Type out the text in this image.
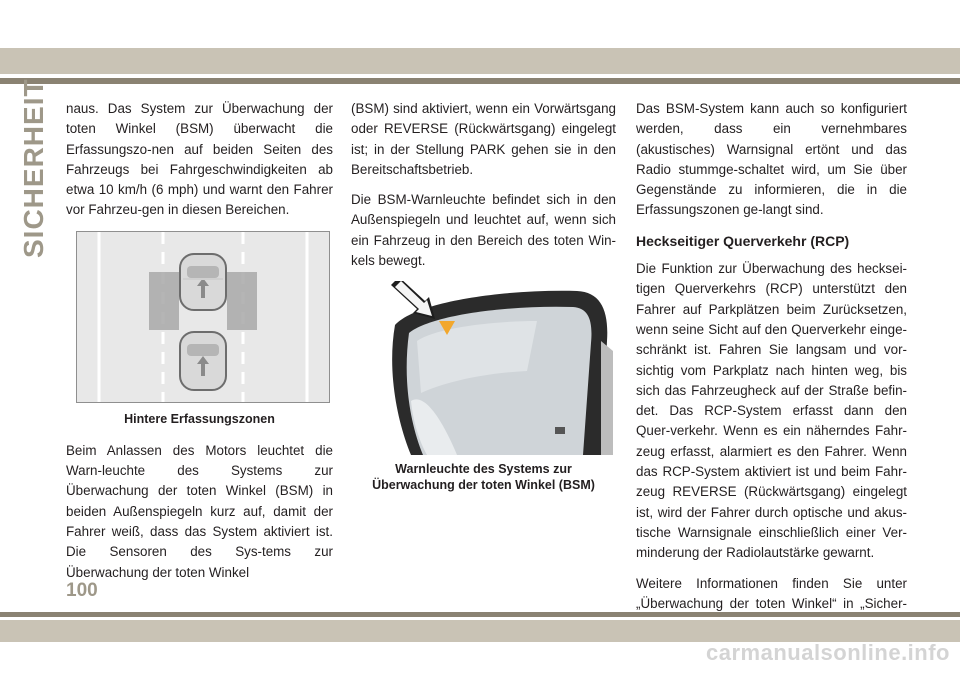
SICHERHEIT naus. Das System zur Überwachung der toten Winkel (BSM) überwacht die Erfassungszo-nen auf beiden Seiten des Fahrzeugs bei Fahrgeschwindigkeiten ab etwa 10 km/h (6 mph) und warnt den Fahrer vor Fahrzeu-gen in diesen Bereichen.

Hintere Erfassungszonen

Beim Anlassen des Motors leuchtet die Warn-leuchte des Systems zur Überwachung der toten Winkel (BSM) in beiden Außenspiegeln kurz auf, damit der Fahrer weiß, dass das System aktiviert ist. Die Sensoren des Sys-tems zur Überwachung der toten Winkel

(BSM) sind aktiviert, wenn ein Vorwärtsgang oder REVERSE (Rückwärtsgang) eingelegt ist; in der Stellung PARK gehen sie in den Bereitschaftsbetrieb.

Die BSM-Warnleuchte befindet sich in den Außenspiegeln und leuchtet auf, wenn sich ein Fahrzeug in den Bereich des toten Win-kels bewegt.

Warnleuchte des Systems zur
Überwachung der toten Winkel (BSM)

Das BSM-System kann auch so konfiguriert werden, dass ein vernehmbares (akustisches) Warnsignal ertönt und das Radio stummge-schaltet wird, um Sie über Gegenstände zu informieren, die in die Erfassungszonen ge-langt sind.

Heckseitiger Querverkehr (RCP)

Die Funktion zur Überwachung des hecksei-tigen Querverkehrs (RCP) unterstützt den Fahrer auf Parkplätzen beim Zurücksetzen, wenn seine Sicht auf den Querverkehr einge-schränkt ist. Fahren Sie langsam und vor-sichtig vom Parkplatz nach hinten weg, bis sich das Fahrzeugheck auf der Straße befin-det. Das RCP-System erfasst dann den Quer-verkehr. Wenn es ein näherndes Fahr-zeug erfasst, alarmiert es den Fahrer. Wenn das RCP-System aktiviert ist und beim Fahr-zeug REVERSE (Rückwärtsgang) eingelegt ist, wird der Fahrer durch optische und akus-tische Warnsignale einschließlich einer Ver-minderung der Radiolautstärke gewarnt.

Weitere Informationen finden Sie unter „Überwachung der toten Winkel“ in „Sicher-

100
carmanualsonline.info
